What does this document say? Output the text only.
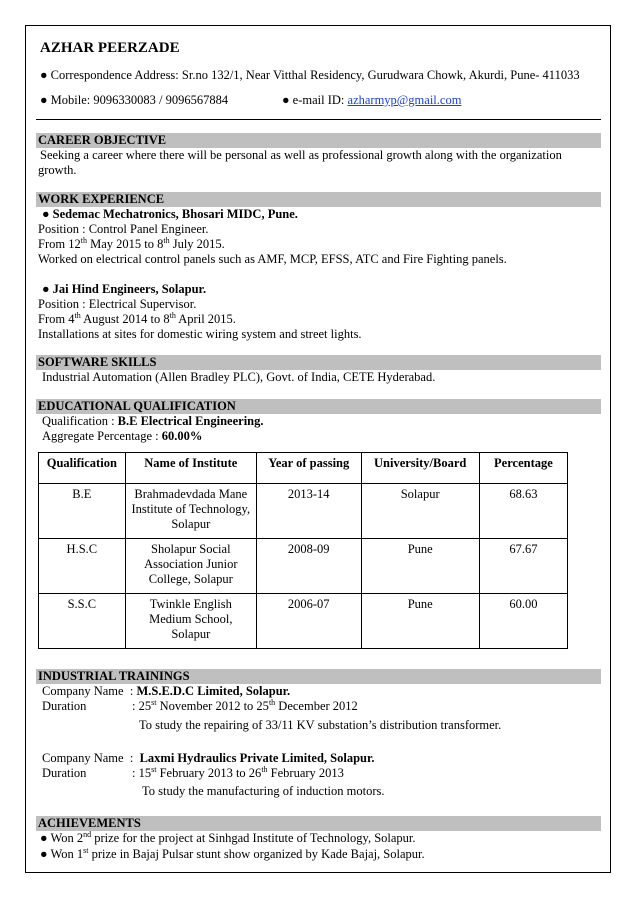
AZHAR PEERZADE
● Correspondence Address: Sr.no 132/1, Near Vitthal Residency, Gurudwara Chowk, Akurdi, Pune- 411033
● Mobile: 9096330083 / 9096567884	● e-mail ID: azharmyp@gmail.com
CAREER OBJECTIVE
Seeking a career where there will be personal as well as professional growth along with the organization
growth.
WORK EXPERIENCE
● Sedemac Mechatronics, Bhosari MIDC, Pune.
Position : Control Panel Engineer.
From 12th May 2015 to 8th July 2015.
Worked on electrical control panels such as AMF, MCP, EFSS, ATC and Fire Fighting panels.
● Jai Hind Engineers, Solapur.
Position : Electrical Supervisor.
From 4th August 2014 to 8th April 2015.
Installations at sites for domestic wiring system and street lights.
SOFTWARE SKILLS
Industrial Automation (Allen Bradley PLC), Govt. of India, CETE Hyderabad.
EDUCATIONAL QUALIFICATION
Qualification : B.E Electrical Engineering.
Aggregate Percentage : 60.00%
Qualification	Name of Institute	Year of passing	University/Board	Percentage
B.E	Brahmadevdada Mane Institute of Technology, Solapur	2013-14	Solapur	68.63
H.S.C	Sholapur Social Association Junior College, Solapur	2008-09	Pune	67.67
S.S.C	Twinkle English Medium School, Solapur	2006-07	Pune	60.00
INDUSTRIAL TRAININGS
Company Name  : M.S.E.D.C Limited, Solapur.
Duration	: 25st November 2012 to 25th December 2012
To study the repairing of 33/11 KV substation’s distribution transformer.
Company Name  :  Laxmi Hydraulics Private Limited, Solapur.
Duration	: 15st February 2013 to 26th February 2013
To study the manufacturing of induction motors.
ACHIEVEMENTS
● Won 2nd prize for the project at Sinhgad Institute of Technology, Solapur.
● Won 1st prize in Bajaj Pulsar stunt show organized by Kade Bajaj, Solapur.
